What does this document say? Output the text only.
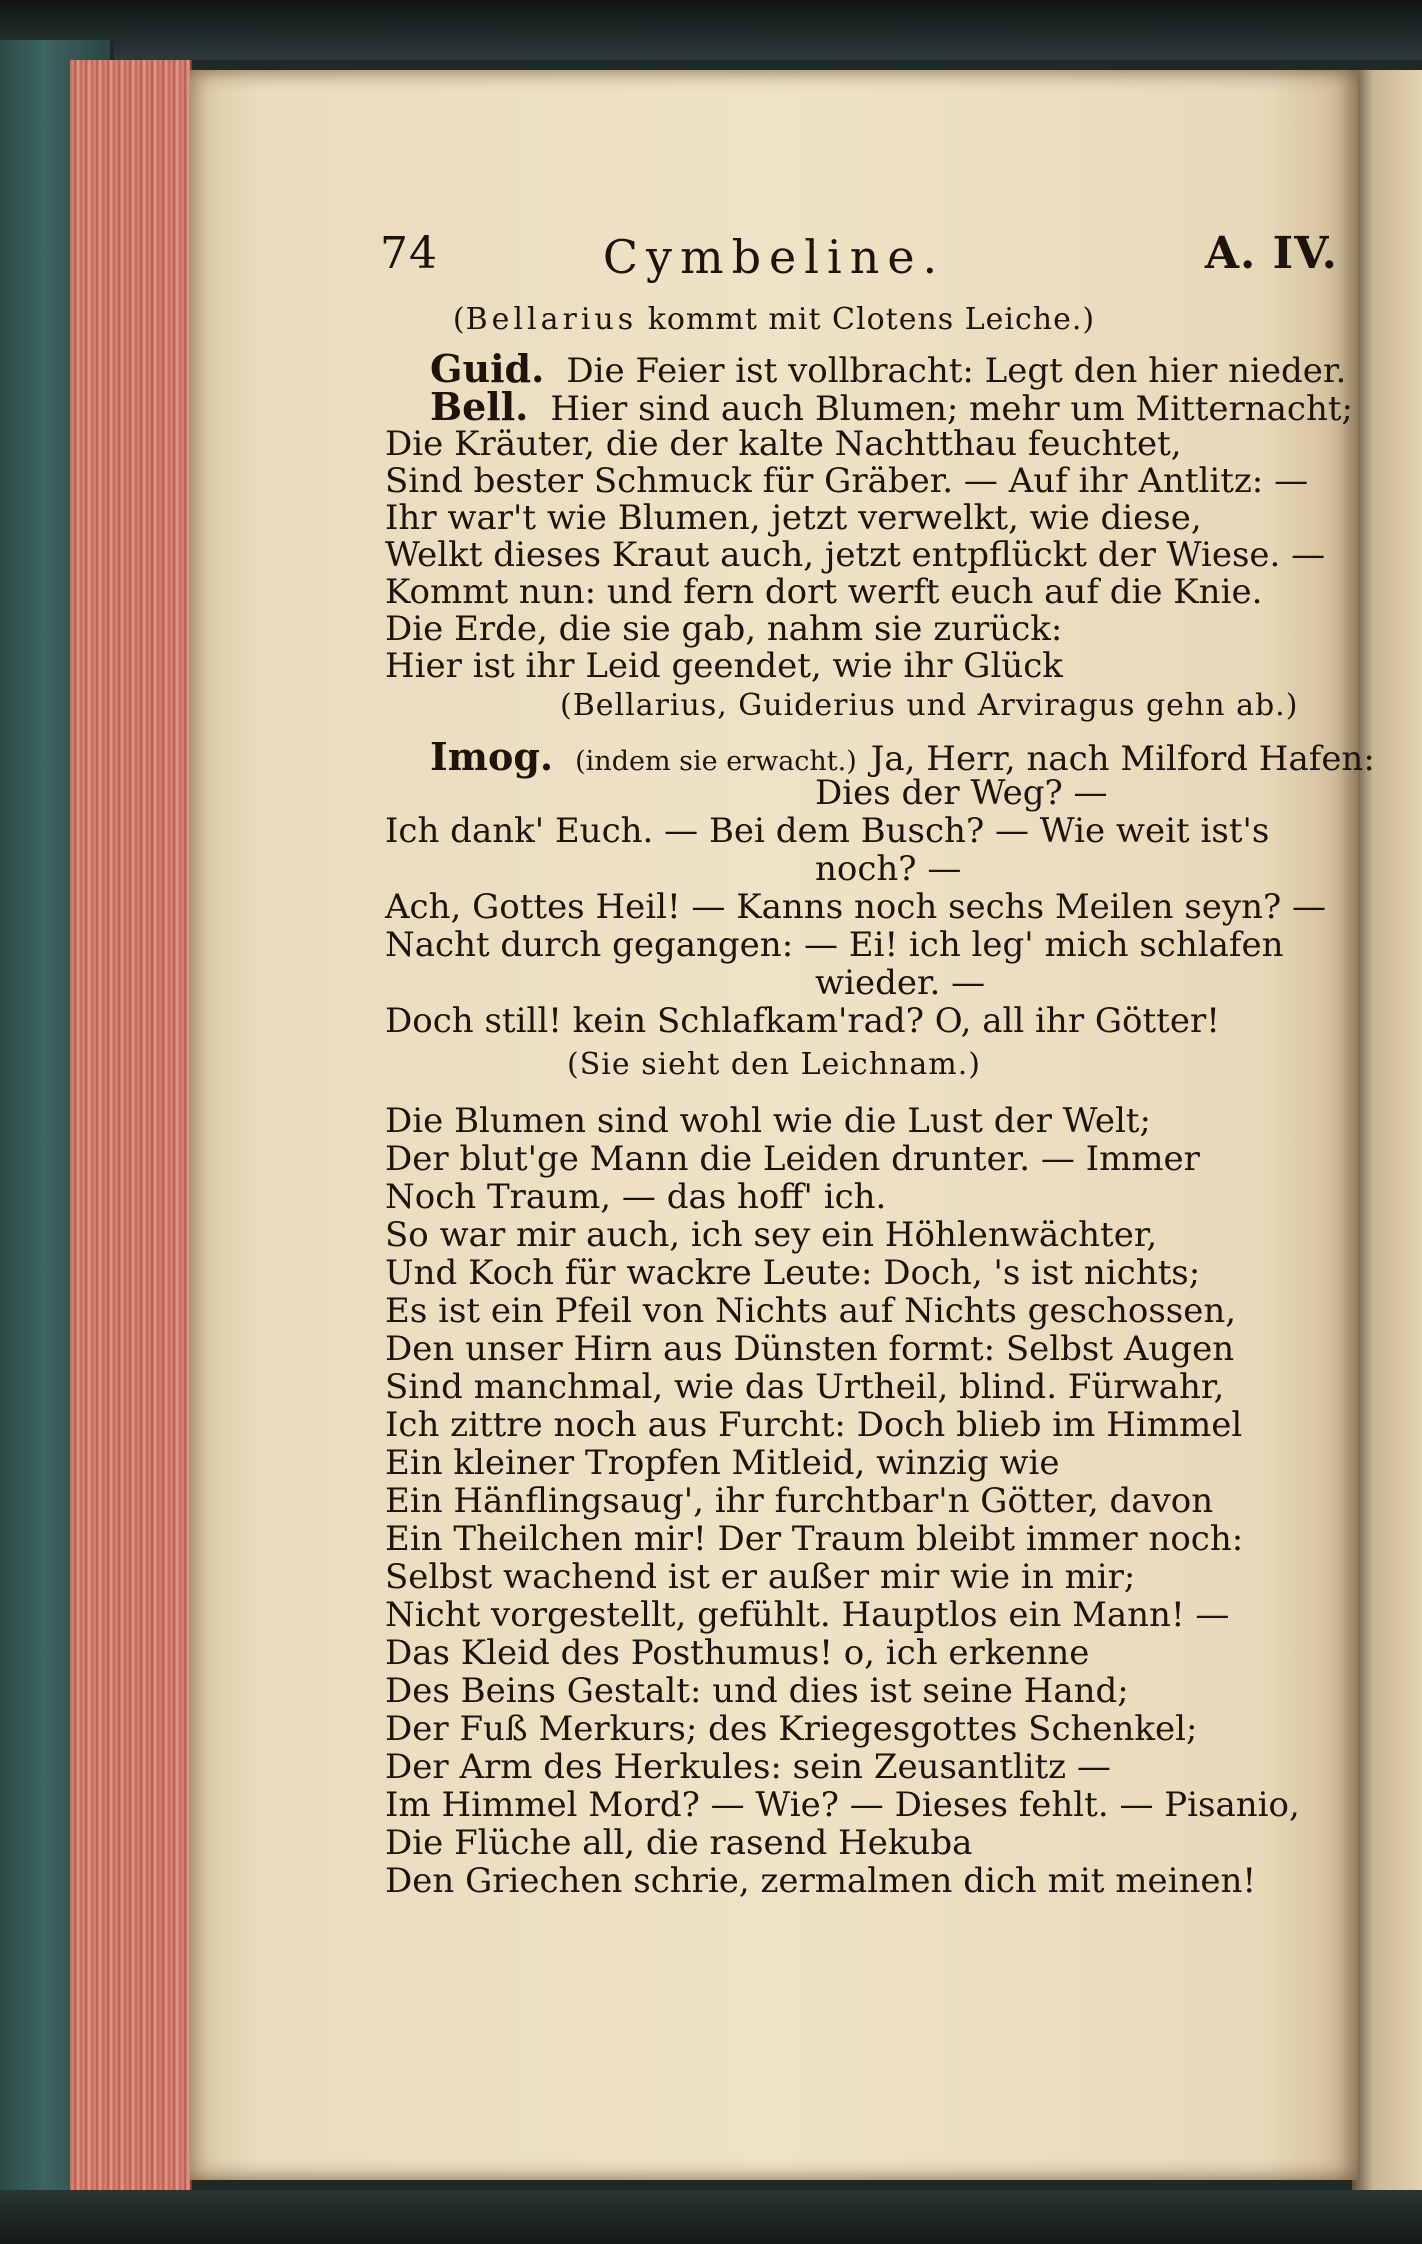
74	Cymbeline.	A. IV.
(Bellarius kommt mit Clotens Leiche.)
Guid. Die Feier ist vollbracht: Legt den hier nieder.
Bell. Hier sind auch Blumen; mehr um Mitternacht;
Die Kräuter, die der kalte Nachtthau feuchtet,
Sind bester Schmuck für Gräber. — Auf ihr Antlitz: —
Ihr war't wie Blumen, jetzt verwelkt, wie diese,
Welkt dieses Kraut auch, jetzt entpflückt der Wiese. —
Kommt nun: und fern dort werft euch auf die Knie.
Die Erde, die sie gab, nahm sie zurück:
Hier ist ihr Leid geendet, wie ihr Glück
(Bellarius, Guiderius und Arviragus gehn ab.)
Imog. (indem sie erwacht.) Ja, Herr, nach Milford Hafen:
Dies der Weg? —
Ich dank' Euch. — Bei dem Busch? — Wie weit ist's
noch? —
Ach, Gottes Heil! — Kanns noch sechs Meilen seyn? —
Nacht durch gegangen: — Ei! ich leg' mich schlafen
wieder. —
Doch still! kein Schlafkam'rad? O, all ihr Götter!
(Sie sieht den Leichnam.)
Die Blumen sind wohl wie die Lust der Welt;
Der blut'ge Mann die Leiden drunter. — Immer
Noch Traum, — das hoff' ich.
So war mir auch, ich sey ein Höhlenwächter,
Und Koch für wackre Leute: Doch, 's ist nichts;
Es ist ein Pfeil von Nichts auf Nichts geschossen,
Den unser Hirn aus Dünsten formt: Selbst Augen
Sind manchmal, wie das Urtheil, blind. Fürwahr,
Ich zittre noch aus Furcht: Doch blieb im Himmel
Ein kleiner Tropfen Mitleid, winzig wie
Ein Hänflingsaug', ihr furchtbar'n Götter, davon
Ein Theilchen mir! Der Traum bleibt immer noch:
Selbst wachend ist er außer mir wie in mir;
Nicht vorgestellt, gefühlt. Hauptlos ein Mann! —
Das Kleid des Posthumus! o, ich erkenne
Des Beins Gestalt: und dies ist seine Hand;
Der Fuß Merkurs; des Kriegesgottes Schenkel;
Der Arm des Herkules: sein Zeusantlitz —
Im Himmel Mord? — Wie? — Dieses fehlt. — Pisanio,
Die Flüche all, die rasend Hekuba
Den Griechen schrie, zermalmen dich mit meinen!
